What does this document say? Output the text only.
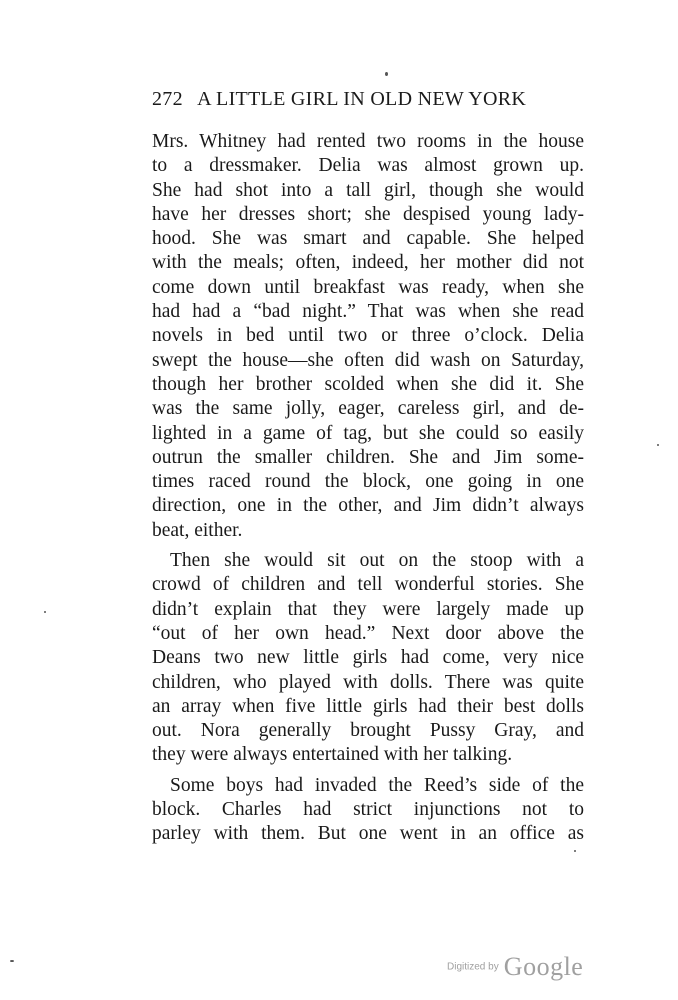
272 A LITTLE GIRL IN OLD NEW YORK
Mrs. Whitney had rented two rooms in the house
to a dressmaker. Delia was almost grown up.
She had shot into a tall girl, though she would
have her dresses short; she despised young lady-
hood. She was smart and capable. She helped
with the meals; often, indeed, her mother did not
come down until breakfast was ready, when she
had had a “bad night.” That was when she read
novels in bed until two or three o’clock. Delia
swept the house—she often did wash on Saturday,
though her brother scolded when she did it. She
was the same jolly, eager, careless girl, and de-
lighted in a game of tag, but she could so easily
outrun the smaller children. She and Jim some-
times raced round the block, one going in one
direction, one in the other, and Jim didn’t always
beat, either.
Then she would sit out on the stoop with a
crowd of children and tell wonderful stories. She
didn’t explain that they were largely made up
“out of her own head.” Next door above the
Deans two new little girls had come, very nice
children, who played with dolls. There was quite
an array when five little girls had their best dolls
out. Nora generally brought Pussy Gray, and
they were always entertained with her talking.
Some boys had invaded the Reed’s side of the
block. Charles had strict injunctions not to
parley with them. But one went in an office as
Digitized by Google
